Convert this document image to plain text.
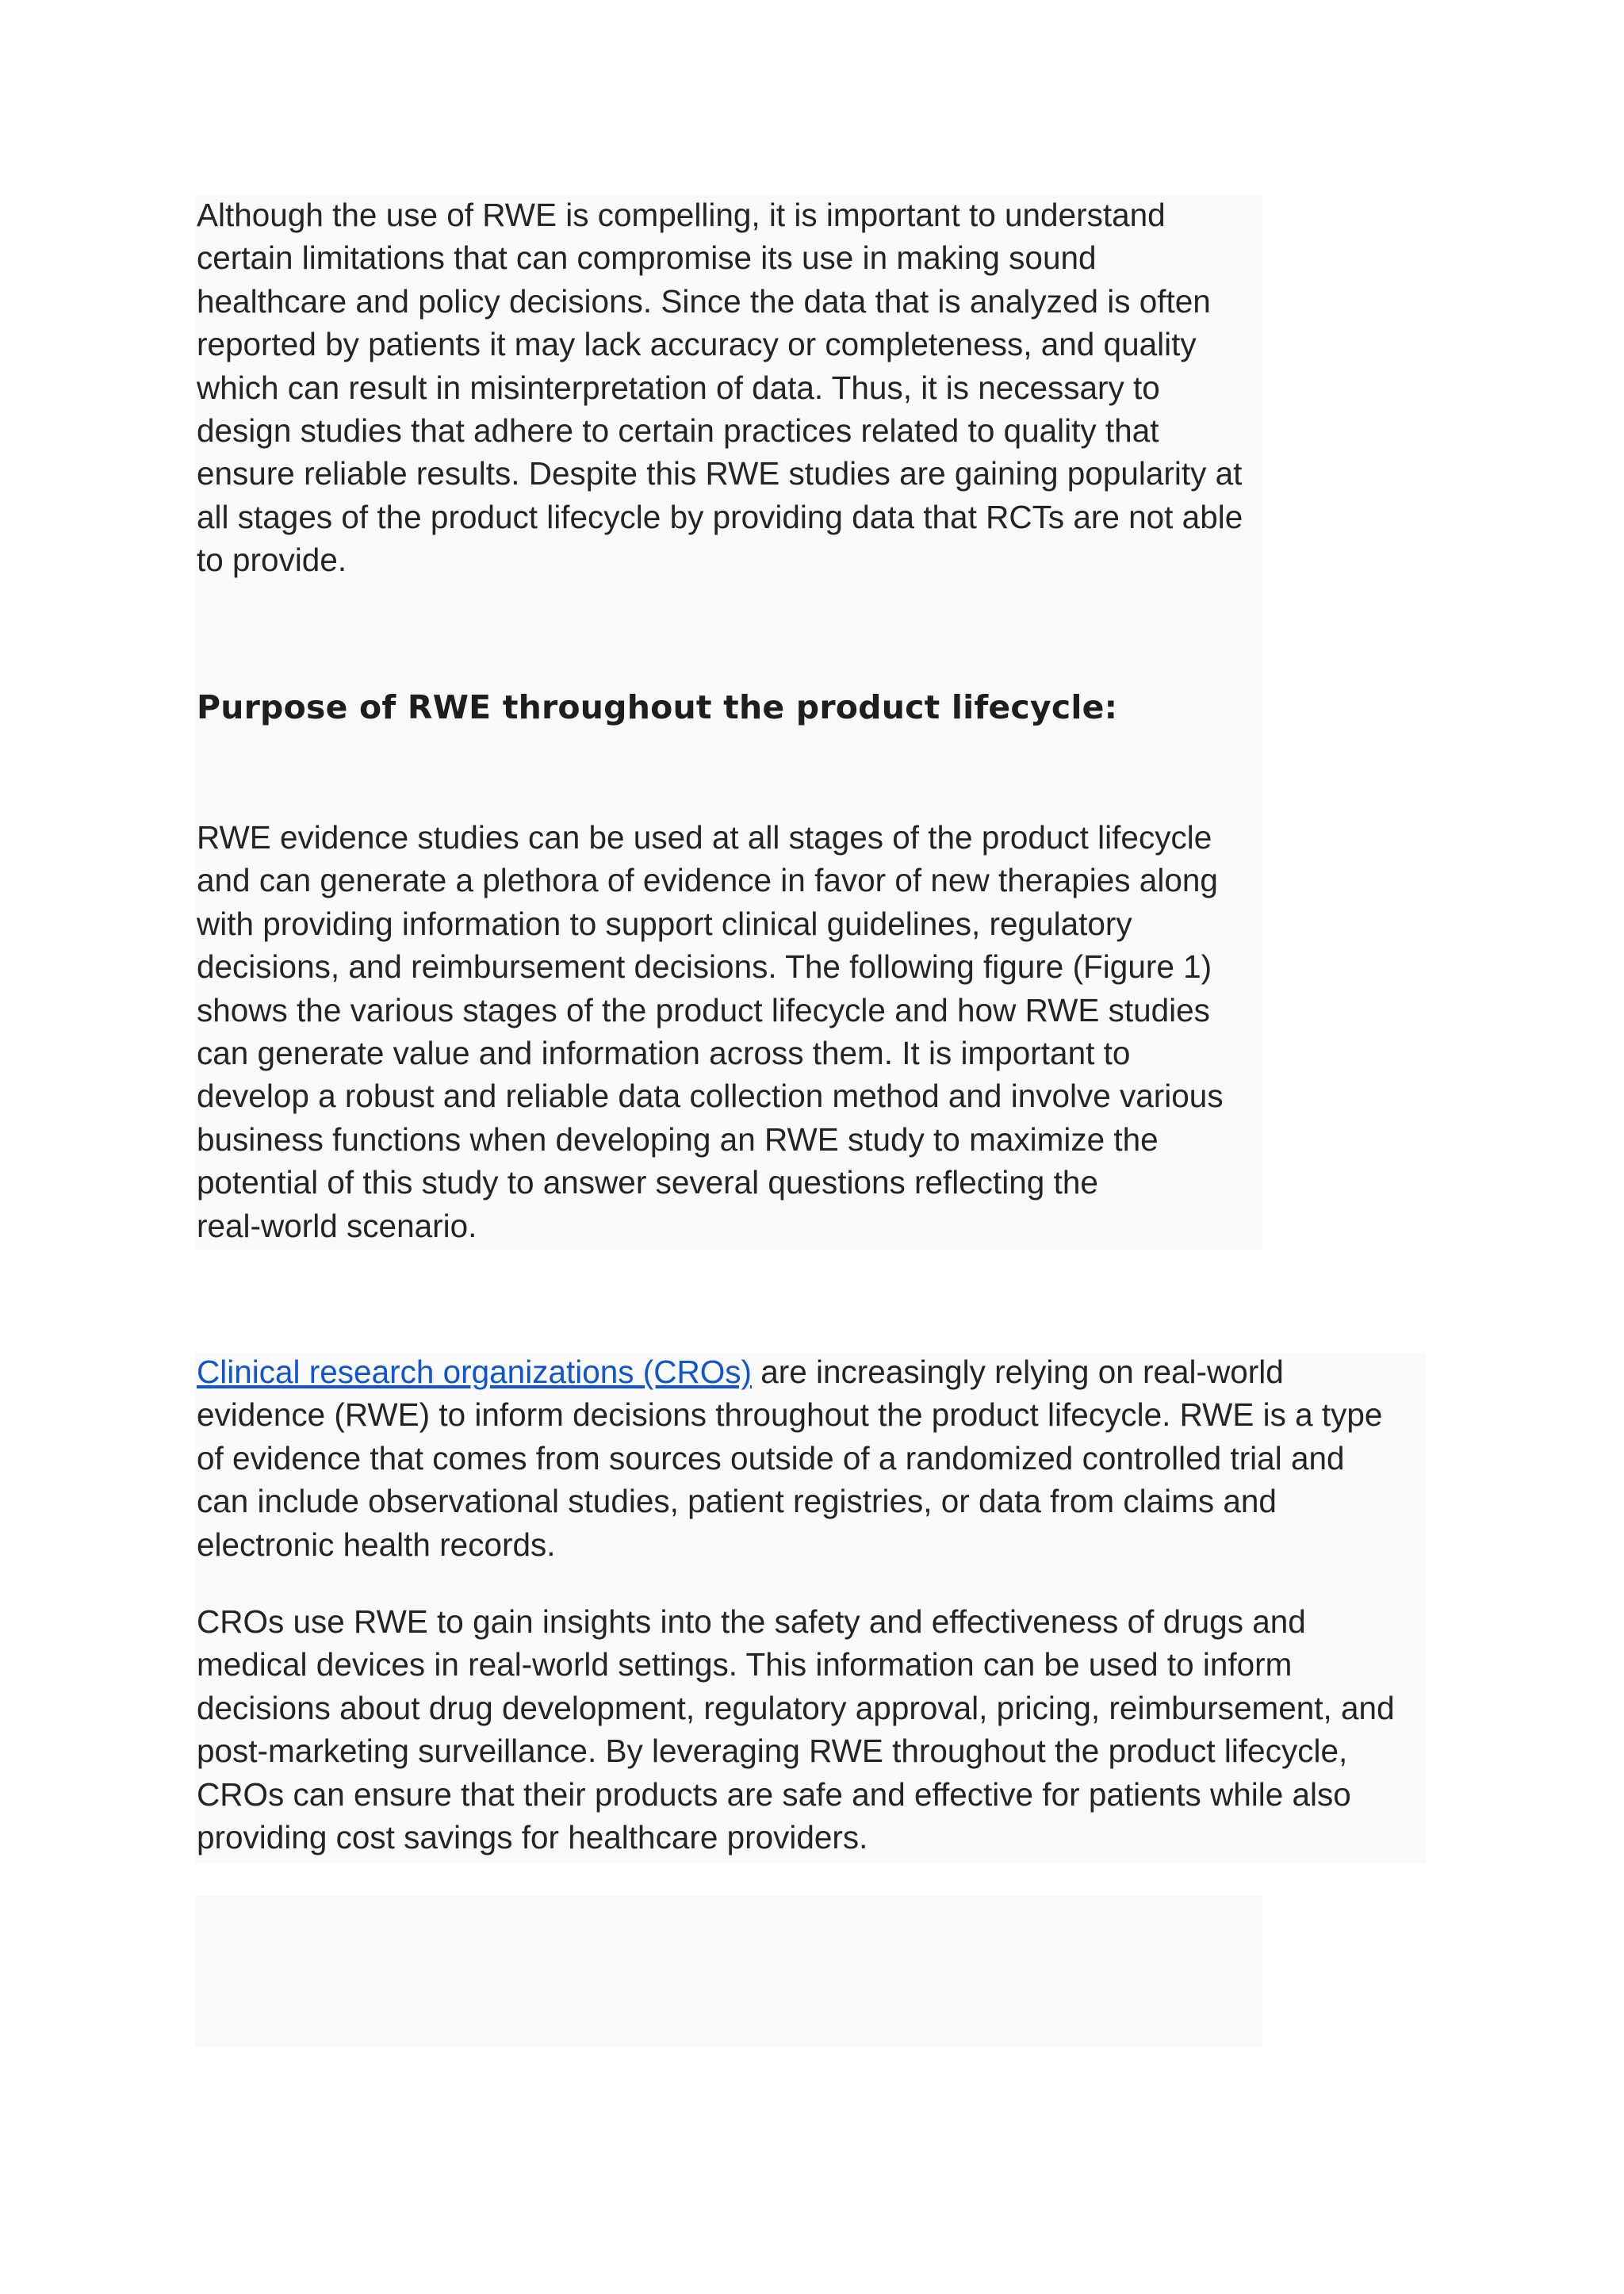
Although the use of RWE is compelling, it is important to understand
certain limitations that can compromise its use in making sound
healthcare and policy decisions. Since the data that is analyzed is often
reported by patients it may lack accuracy or completeness, and quality
which can result in misinterpretation of data. Thus, it is necessary to
design studies that adhere to certain practices related to quality that
ensure reliable results. Despite this RWE studies are gaining popularity at
all stages of the product lifecycle by providing data that RCTs are not able
to provide.

Purpose of RWE throughout the product lifecycle:

RWE evidence studies can be used at all stages of the product lifecycle
and can generate a plethora of evidence in favor of new therapies along
with providing information to support clinical guidelines, regulatory
decisions, and reimbursement decisions. The following figure (Figure 1)
shows the various stages of the product lifecycle and how RWE studies
can generate value and information across them. It is important to
develop a robust and reliable data collection method and involve various
business functions when developing an RWE study to maximize the
potential of this study to answer several questions reflecting the
real-world scenario.

Clinical research organizations (CROs) are increasingly relying on real-world
evidence (RWE) to inform decisions throughout the product lifecycle. RWE is a type
of evidence that comes from sources outside of a randomized controlled trial and
can include observational studies, patient registries, or data from claims and
electronic health records.

CROs use RWE to gain insights into the safety and effectiveness of drugs and
medical devices in real-world settings. This information can be used to inform
decisions about drug development, regulatory approval, pricing, reimbursement, and
post-marketing surveillance. By leveraging RWE throughout the product lifecycle,
CROs can ensure that their products are safe and effective for patients while also
providing cost savings for healthcare providers.
